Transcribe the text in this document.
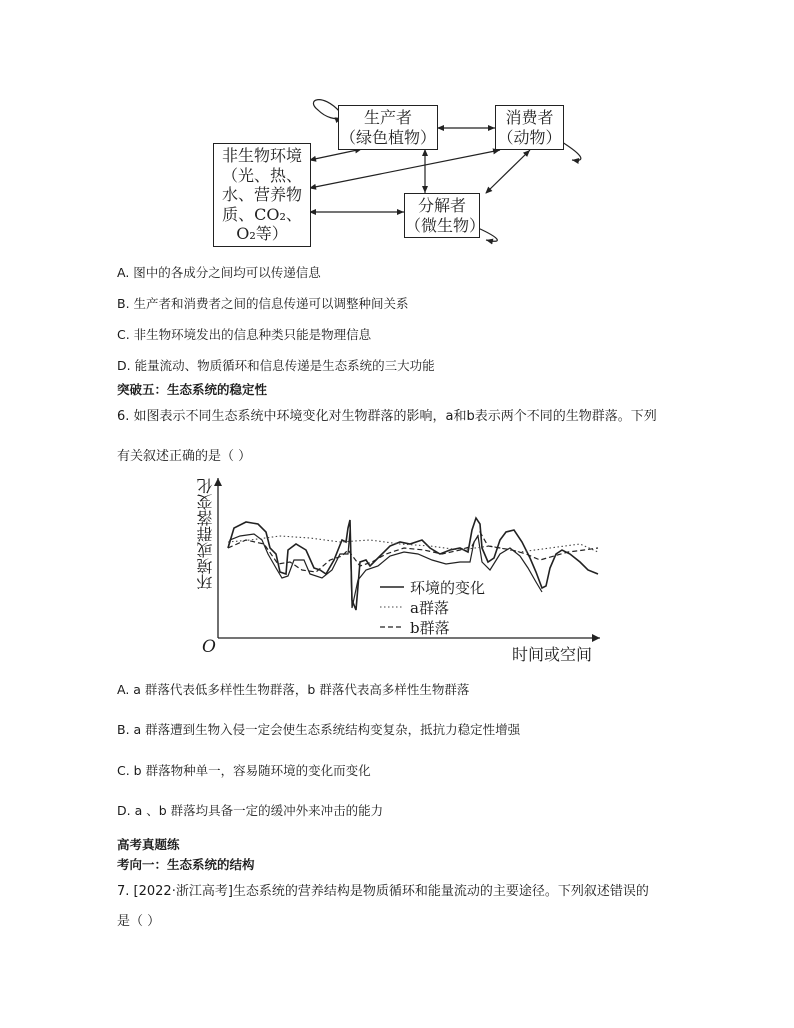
生产者
（绿色植物）
消费者
（动物）
非生物环境
（光、热、
水、营养物
质、CO₂、
O₂等）
分解者
（微生物）
A. 图中的各成分之间均可以传递信息
B. 生产者和消费者之间的信息传递可以调整种间关系
C. 非生物环境发出的信息种类只能是物理信息
D. 能量流动、物质循环和信息传递是生态系统的三大功能
突破五：生态系统的稳定性
6. 如图表示不同生态系统中环境变化对生物群落的影响，a和b表示两个不同的生物群落。下列
有关叙述正确的是（ ）
环境或群落变化
时间或空间
O
环境的变化
a群落
b群落
A. a 群落代表低多样性生物群落，b 群落代表高多样性生物群落
B. a 群落遭到生物入侵一定会使生态系统结构变复杂，抵抗力稳定性增强
C. b 群落物种单一，容易随环境的变化而变化
D. a 、b 群落均具备一定的缓冲外来冲击的能力
高考真题练
考向一：生态系统的结构
7. [2022·浙江高考]生态系统的营养结构是物质循环和能量流动的主要途径。下列叙述错误的
是（ ）
